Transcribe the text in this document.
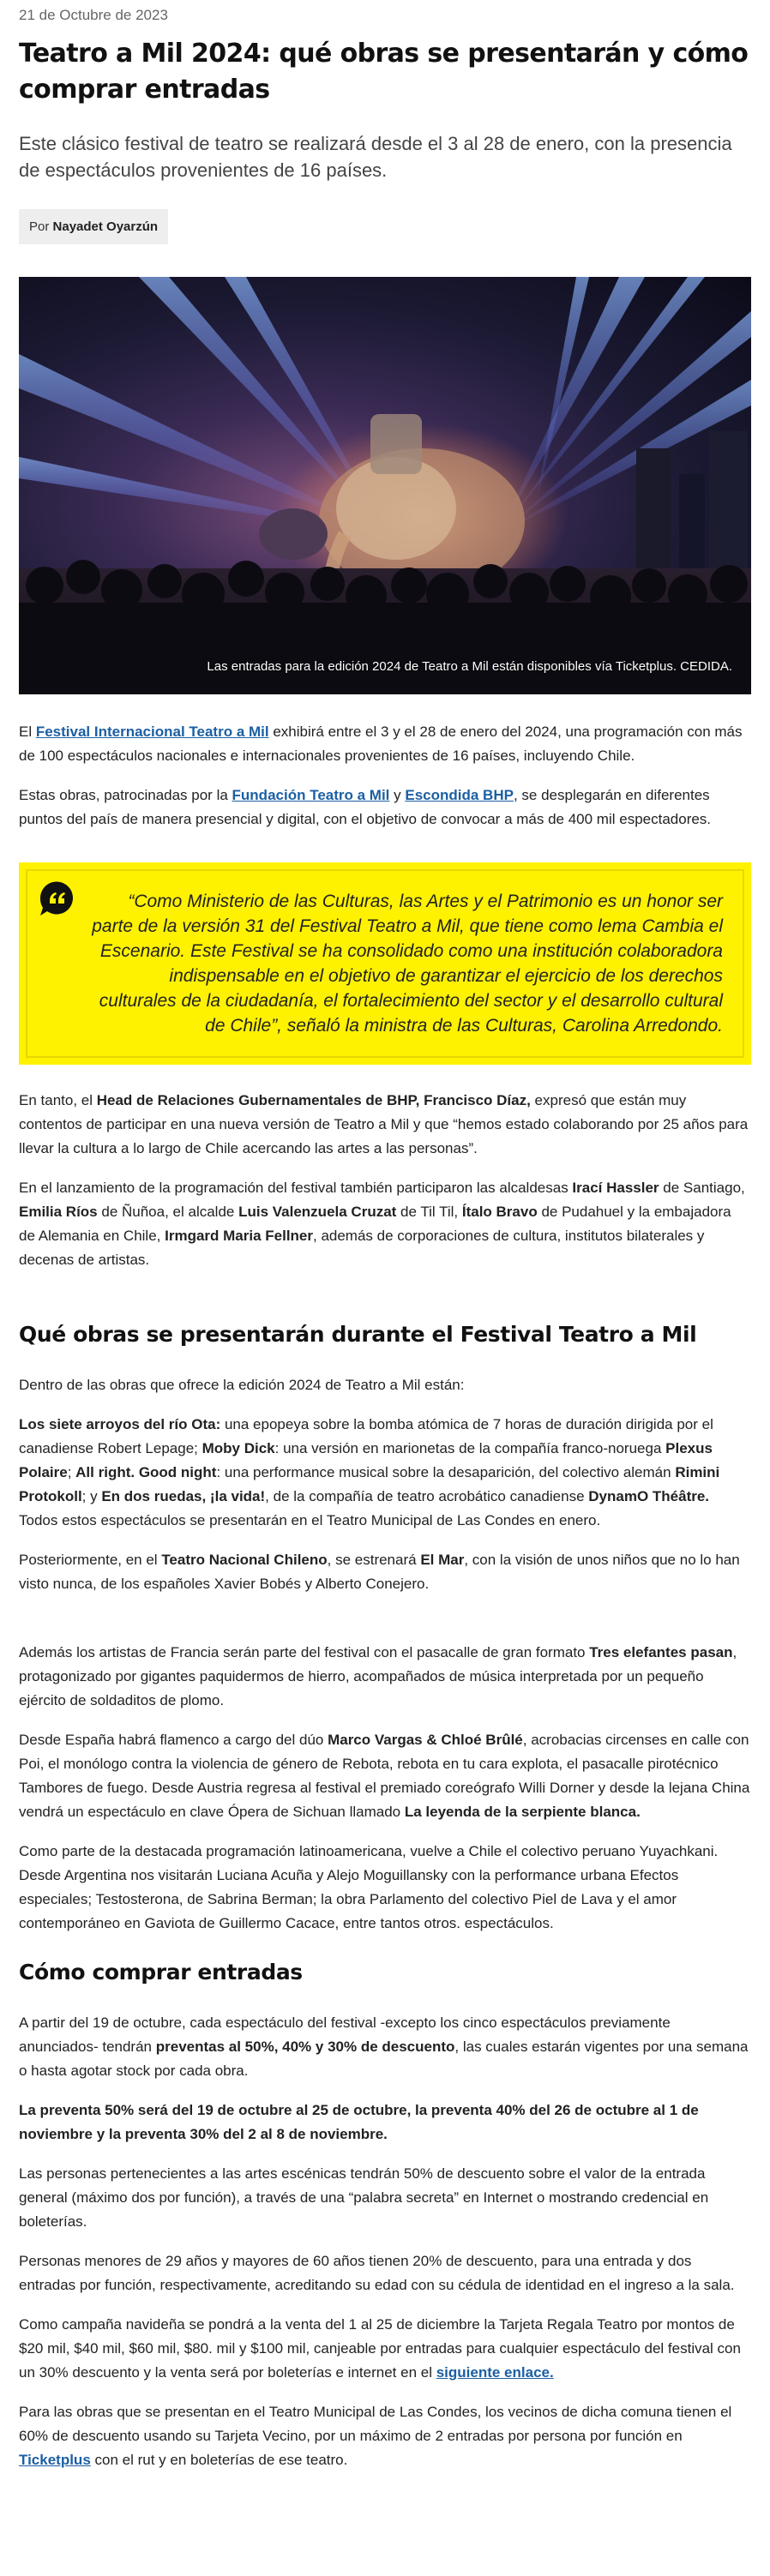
21 de Octubre de 2023
Teatro a Mil 2024: qué obras se presentarán y cómo comprar entradas
Este clásico festival de teatro se realizará desde el 3 al 28 de enero, con la presencia de espectáculos provenientes de 16 países.
Por Nayadet Oyarzún
Las entradas para la edición 2024 de Teatro a Mil están disponibles vía Ticketplus. CEDIDA.

El Festival Internacional Teatro a Mil exhibirá entre el 3 y el 28 de enero del 2024, una programación con más de 100 espectáculos nacionales e internacionales provenientes de 16 países, incluyendo Chile.

Estas obras, patrocinadas por la Fundación Teatro a Mil y Escondida BHP, se desplegarán en diferentes puntos del país de manera presencial y digital, con el objetivo de convocar a más de 400 mil espectadores.

“Como Ministerio de las Culturas, las Artes y el Patrimonio es un honor ser parte de la versión 31 del Festival Teatro a Mil, que tiene como lema Cambia el Escenario. Este Festival se ha consolidado como una institución colaboradora indispensable en el objetivo de garantizar el ejercicio de los derechos culturales de la ciudadanía, el fortalecimiento del sector y el desarrollo cultural de Chile”, señaló la ministra de las Culturas, Carolina Arredondo.

En tanto, el Head de Relaciones Gubernamentales de BHP, Francisco Díaz, expresó que están muy contentos de participar en una nueva versión de Teatro a Mil y que “hemos estado colaborando por 25 años para llevar la cultura a lo largo de Chile acercando las artes a las personas”.

En el lanzamiento de la programación del festival también participaron las alcaldesas Irací Hassler de Santiago, Emilia Ríos de Ñuñoa, el alcalde Luis Valenzuela Cruzat de Til Til, Ítalo Bravo de Pudahuel y la embajadora de Alemania en Chile, Irmgard Maria Fellner, además de corporaciones de cultura, institutos bilaterales y decenas de artistas.

Qué obras se presentarán durante el Festival Teatro a Mil

Dentro de las obras que ofrece la edición 2024 de Teatro a Mil están:

Los siete arroyos del río Ota: una epopeya sobre la bomba atómica de 7 horas de duración dirigida por el canadiense Robert Lepage; Moby Dick: una versión en marionetas de la compañía franco-noruega Plexus Polaire; All right. Good night: una performance musical sobre la desaparición, del colectivo alemán Rimini Protokoll; y En dos ruedas, ¡la vida!, de la compañía de teatro acrobático canadiense DynamO Théâtre. Todos estos espectáculos se presentarán en el Teatro Municipal de Las Condes en enero.

Posteriormente, en el Teatro Nacional Chileno, se estrenará El Mar, con la visión de unos niños que no lo han visto nunca, de los españoles Xavier Bobés y Alberto Conejero.

Además los artistas de Francia serán parte del festival con el pasacalle de gran formato Tres elefantes pasan, protagonizado por gigantes paquidermos de hierro, acompañados de música interpretada por un pequeño ejército de soldaditos de plomo.

Desde España habrá flamenco a cargo del dúo Marco Vargas & Chloé Brûlé, acrobacias circenses en calle con Poi, el monólogo contra la violencia de género de Rebota, rebota en tu cara explota, el pasacalle pirotécnico Tambores de fuego. Desde Austria regresa al festival el premiado coreógrafo Willi Dorner y desde la lejana China vendrá un espectáculo en clave Ópera de Sichuan llamado La leyenda de la serpiente blanca.

Como parte de la destacada programación latinoamericana, vuelve a Chile el colectivo peruano Yuyachkani. Desde Argentina nos visitarán Luciana Acuña y Alejo Moguillansky con la performance urbana Efectos especiales; Testosterona, de Sabrina Berman; la obra Parlamento del colectivo Piel de Lava y el amor contemporáneo en Gaviota de Guillermo Cacace, entre tantos otros. espectáculos.

Cómo comprar entradas

A partir del 19 de octubre, cada espectáculo del festival -excepto los cinco espectáculos previamente anunciados- tendrán preventas al 50%, 40% y 30% de descuento, las cuales estarán vigentes por una semana o hasta agotar stock por cada obra.

La preventa 50% será del 19 de octubre al 25 de octubre, la preventa 40% del 26 de octubre al 1 de noviembre y la preventa 30% del 2 al 8 de noviembre.

Las personas pertenecientes a las artes escénicas tendrán 50% de descuento sobre el valor de la entrada general (máximo dos por función), a través de una “palabra secreta” en Internet o mostrando credencial en boleterías.

Personas menores de 29 años y mayores de 60 años tienen 20% de descuento, para una entrada y dos entradas por función, respectivamente, acreditando su edad con su cédula de identidad en el ingreso a la sala.

Como campaña navideña se pondrá a la venta del 1 al 25 de diciembre la Tarjeta Regala Teatro por montos de $20 mil, $40 mil, $60 mil, $80. mil y $100 mil, canjeable por entradas para cualquier espectáculo del festival con un 30% descuento y la venta será por boleterías e internet en el siguiente enlace.

Para las obras que se presentan en el Teatro Municipal de Las Condes, los vecinos de dicha comuna tienen el 60% de descuento usando su Tarjeta Vecino, por un máximo de 2 entradas por persona por función en Ticketplus con el rut y en boleterías de ese teatro.
